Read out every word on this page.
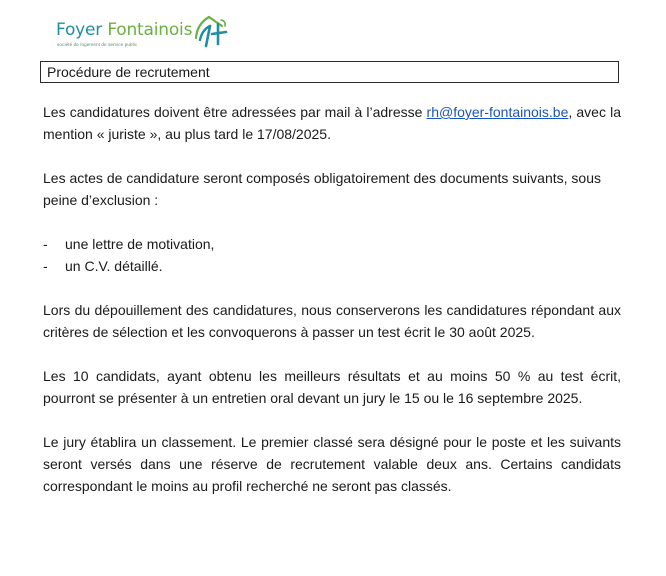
Foyer Fontainois
société de logement de service public
Procédure de recrutement

Les candidatures doivent être adressées par mail à l’adresse rh@foyer-fontainois.be, avec la mention « juriste », au plus tard le 17/08/2025.

Les actes de candidature seront composés obligatoirement des documents suivants, sous peine d’exclusion :

- une lettre de motivation,
- un C.V. détaillé.

Lors du dépouillement des candidatures, nous conserverons les candidatures répondant aux critères de sélection et les convoquerons à passer un test écrit le 30 août 2025.

Les 10 candidats, ayant obtenu les meilleurs résultats et au moins 50 % au test écrit, pourront se présenter à un entretien oral devant un jury le 15 ou le 16 septembre 2025.

Le jury établira un classement. Le premier classé sera désigné pour le poste et les suivants seront versés dans une réserve de recrutement valable deux ans. Certains candidats correspondant le moins au profil recherché ne seront pas classés.
